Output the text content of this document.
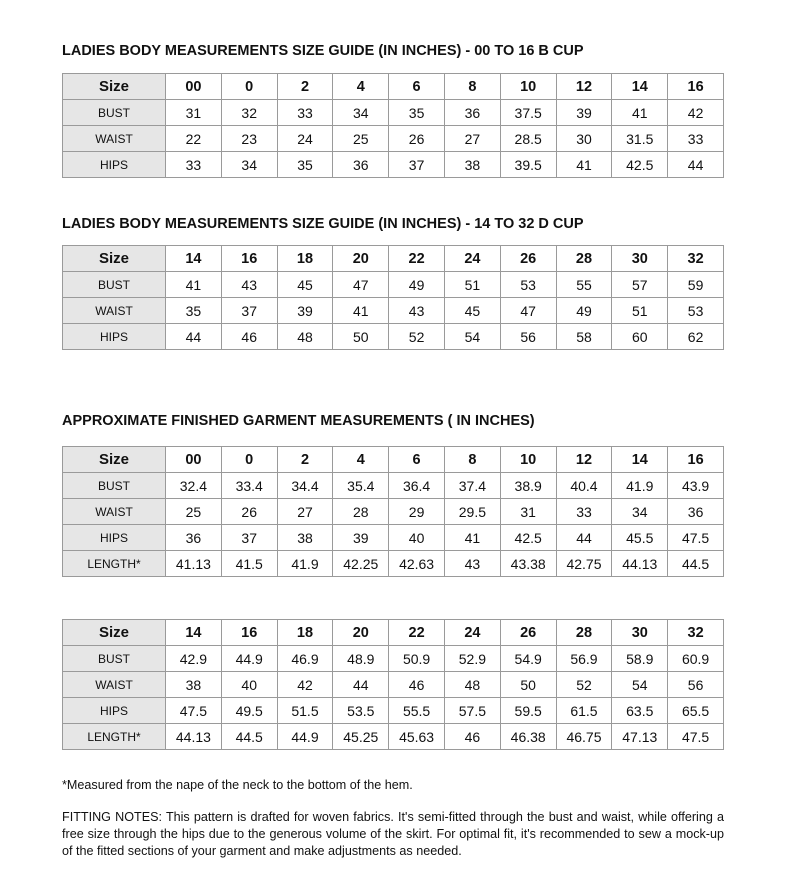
LADIES BODY MEASUREMENTS SIZE GUIDE (IN INCHES) - 00 TO 16 B CUP
Size	00	0	2	4	6	8	10	12	14	16
BUST	31	32	33	34	35	36	37.5	39	41	42
WAIST	22	23	24	25	26	27	28.5	30	31.5	33
HIPS	33	34	35	36	37	38	39.5	41	42.5	44
LADIES BODY MEASUREMENTS SIZE GUIDE (IN INCHES) - 14 TO 32 D CUP
Size	14	16	18	20	22	24	26	28	30	32
BUST	41	43	45	47	49	51	53	55	57	59
WAIST	35	37	39	41	43	45	47	49	51	53
HIPS	44	46	48	50	52	54	56	58	60	62
APPROXIMATE FINISHED GARMENT MEASUREMENTS ( IN INCHES)
Size	00	0	2	4	6	8	10	12	14	16
BUST	32.4	33.4	34.4	35.4	36.4	37.4	38.9	40.4	41.9	43.9
WAIST	25	26	27	28	29	29.5	31	33	34	36
HIPS	36	37	38	39	40	41	42.5	44	45.5	47.5
LENGTH*	41.13	41.5	41.9	42.25	42.63	43	43.38	42.75	44.13	44.5
Size	14	16	18	20	22	24	26	28	30	32
BUST	42.9	44.9	46.9	48.9	50.9	52.9	54.9	56.9	58.9	60.9
WAIST	38	40	42	44	46	48	50	52	54	56
HIPS	47.5	49.5	51.5	53.5	55.5	57.5	59.5	61.5	63.5	65.5
LENGTH*	44.13	44.5	44.9	45.25	45.63	46	46.38	46.75	47.13	47.5
*Measured from the nape of the neck to the bottom of the hem.
FITTING NOTES: This pattern is drafted for woven fabrics. It's semi-fitted through the bust and waist, while offering a free size through the hips due to the generous volume of the skirt. For optimal fit, it's recommended to sew a mock-up of the fitted sections of your garment and make adjustments as needed.
